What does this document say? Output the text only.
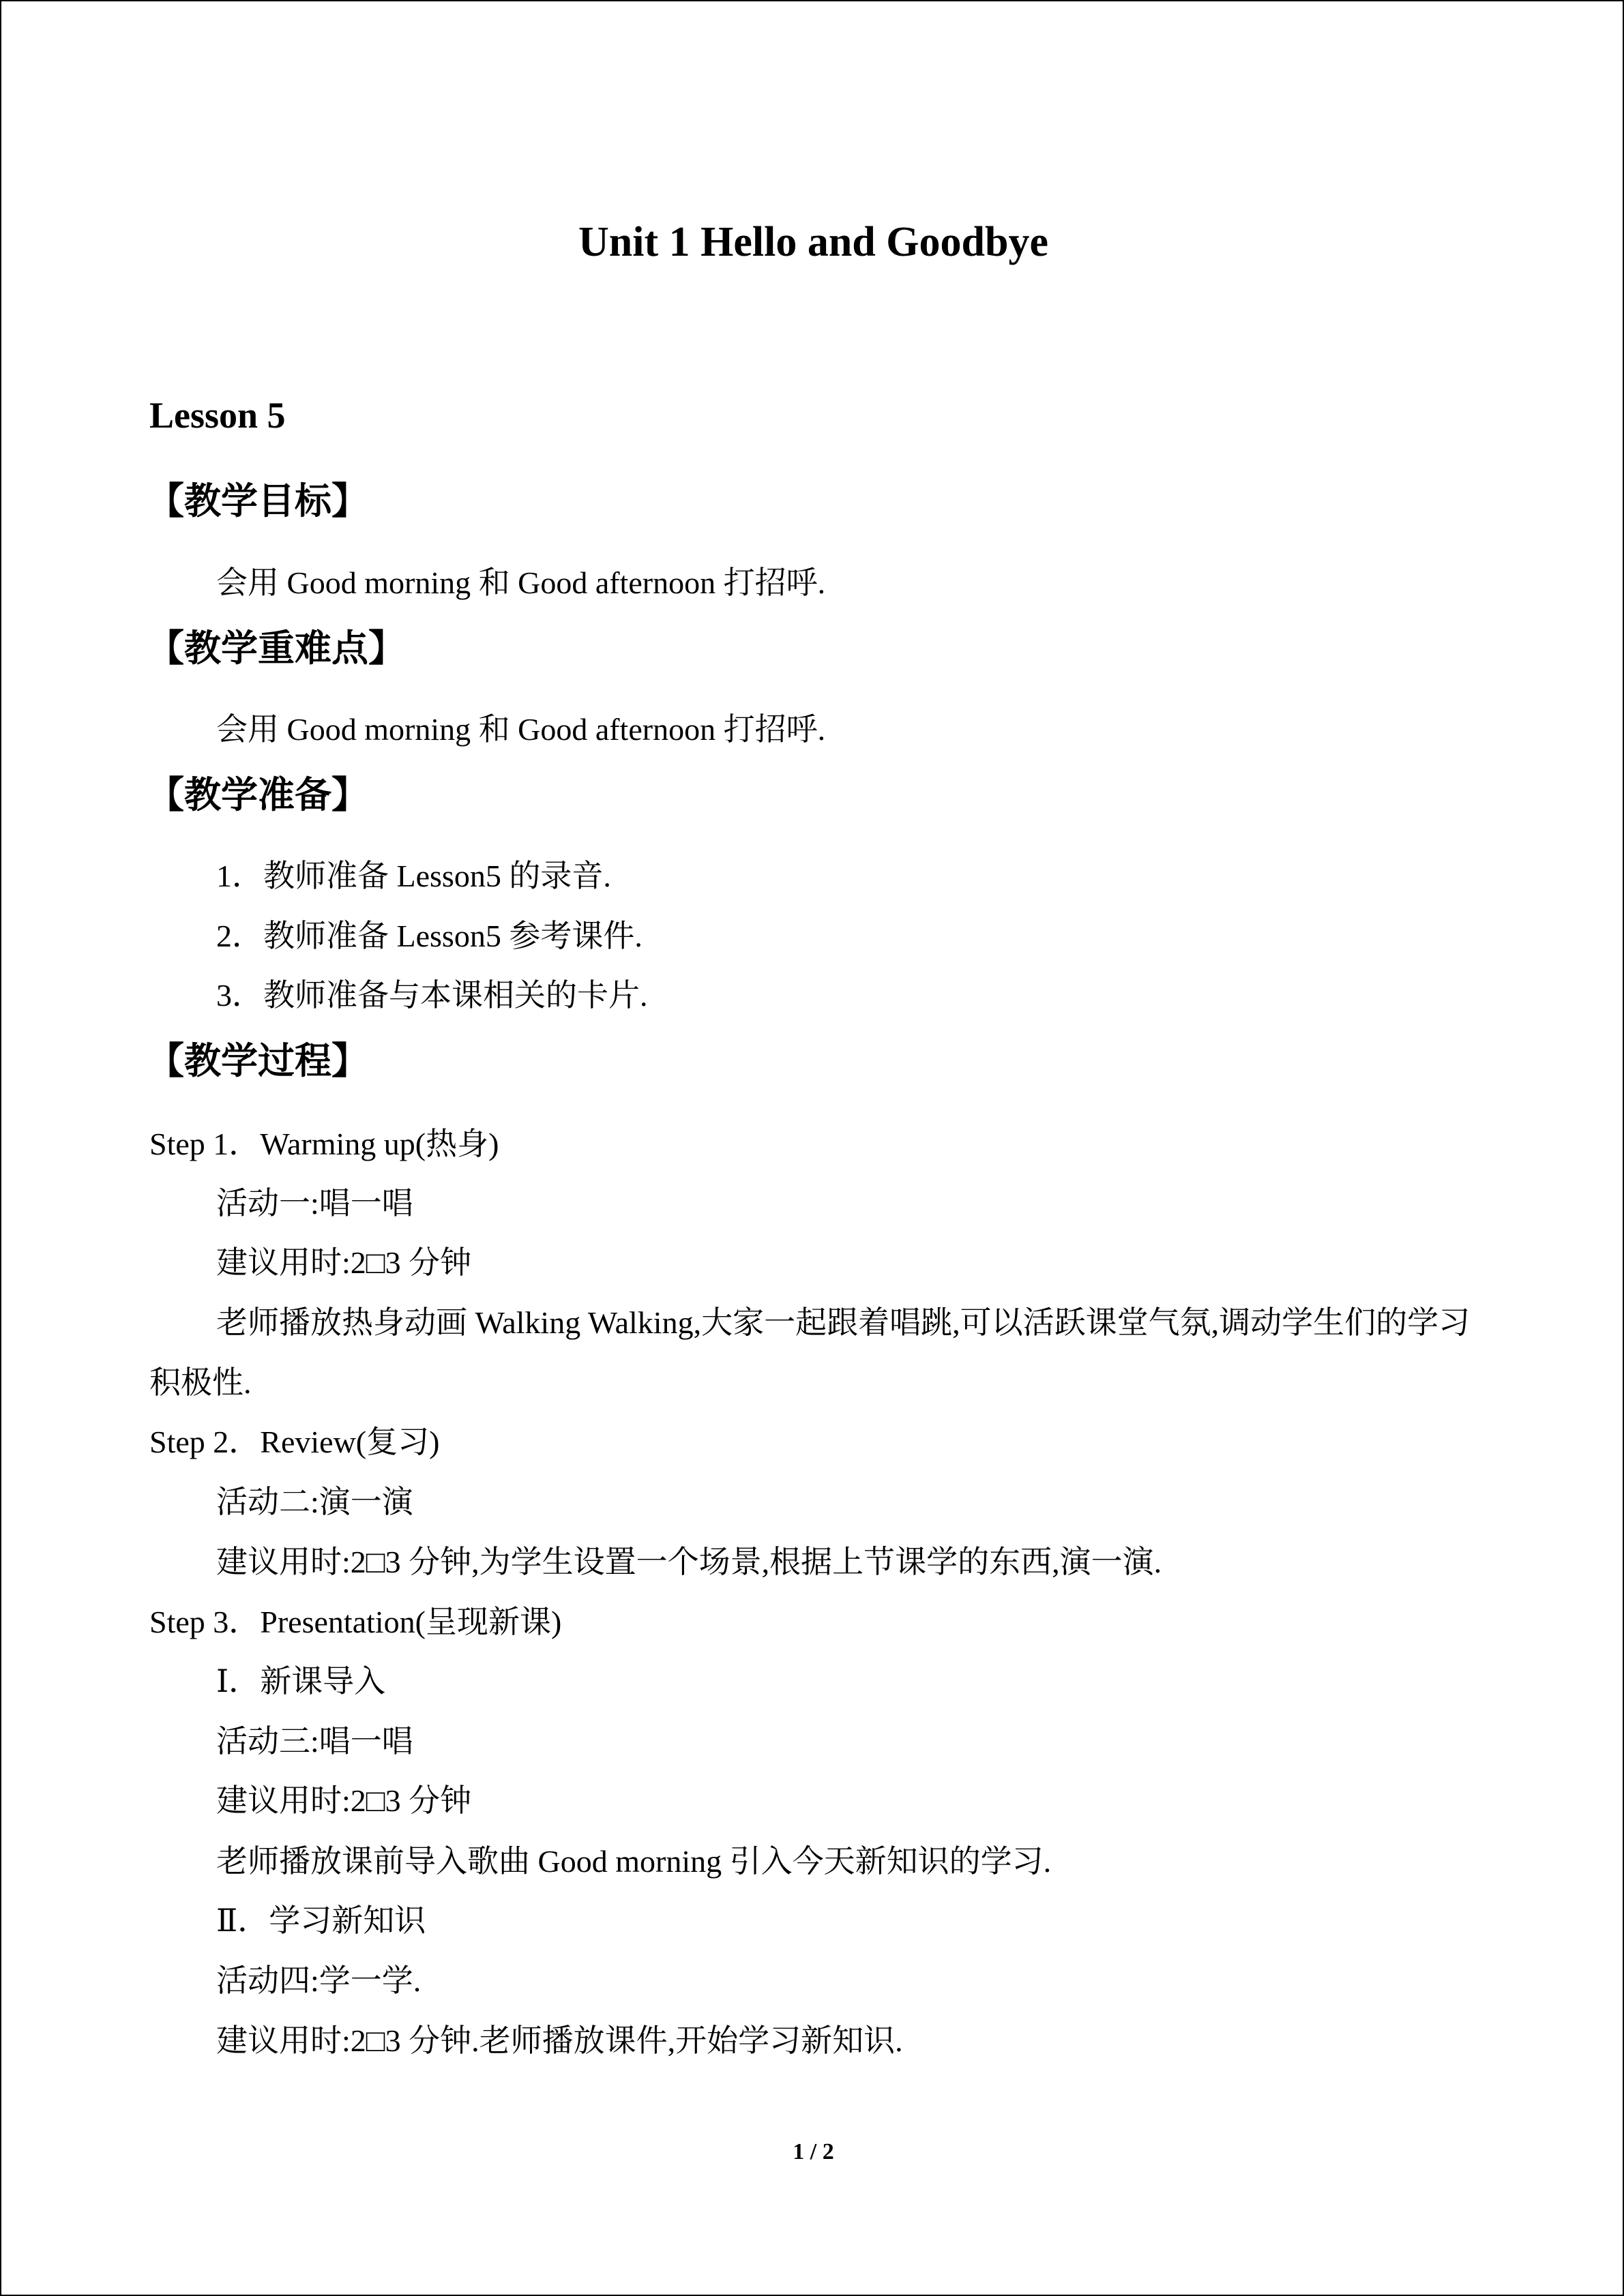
Unit 1 Hello and Goodbye
Lesson 5
【教学目标】
会用 Good morning 和 Good afternoon 打招呼.
【教学重难点】
会用 Good morning 和 Good afternoon 打招呼.
【教学准备】
1．教师准备 Lesson5 的录音.
2．教师准备 Lesson5 参考课件.
3．教师准备与本课相关的卡片.
【教学过程】
Step 1．Warming up(热身)
活动一:唱一唱
建议用时:2□3 分钟
老师播放热身动画 Walking Walking,大家一起跟着唱跳,可以活跃课堂气氛,调动学生们的学习积极性.
Step 2．Review(复习)
活动二:演一演
建议用时:2□3 分钟,为学生设置一个场景,根据上节课学的东西,演一演.
Step 3．Presentation(呈现新课)
Ⅰ．新课导入
活动三:唱一唱
建议用时:2□3 分钟
老师播放课前导入歌曲 Good morning 引入今天新知识的学习.
Ⅱ．学习新知识
活动四:学一学.
建议用时:2□3 分钟.老师播放课件,开始学习新知识.
1 / 2
